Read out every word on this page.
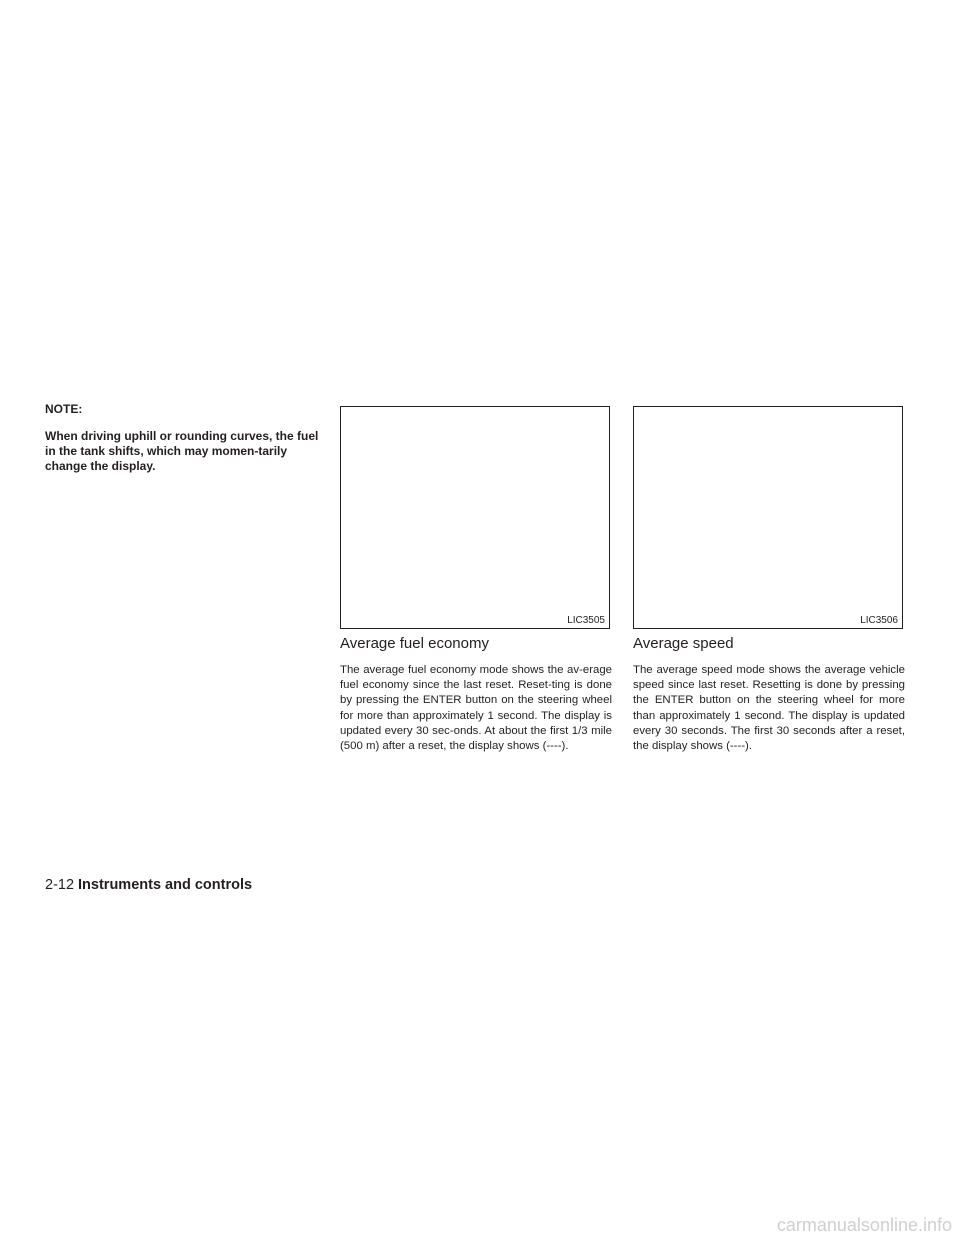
NOTE:

When driving uphill or rounding curves, the fuel in the tank shifts, which may momen-tarily change the display.

LIC3505	LIC3506
Average fuel economy

The average fuel economy mode shows the av-erage fuel economy since the last reset. Reset-ting is done by pressing the ENTER button on the steering wheel for more than approximately 1 second. The display is updated every 30 sec-onds. At about the first 1/3 mile (500 m) after a reset, the display shows (----).

Average speed

The average speed mode shows the average vehicle speed since last reset. Resetting is done by pressing the ENTER button on the steering wheel for more than approximately 1 second. The display is updated every 30 seconds. The first 30 seconds after a reset, the display shows (----).

2-12 Instruments and controls
carmanualsonline.info
